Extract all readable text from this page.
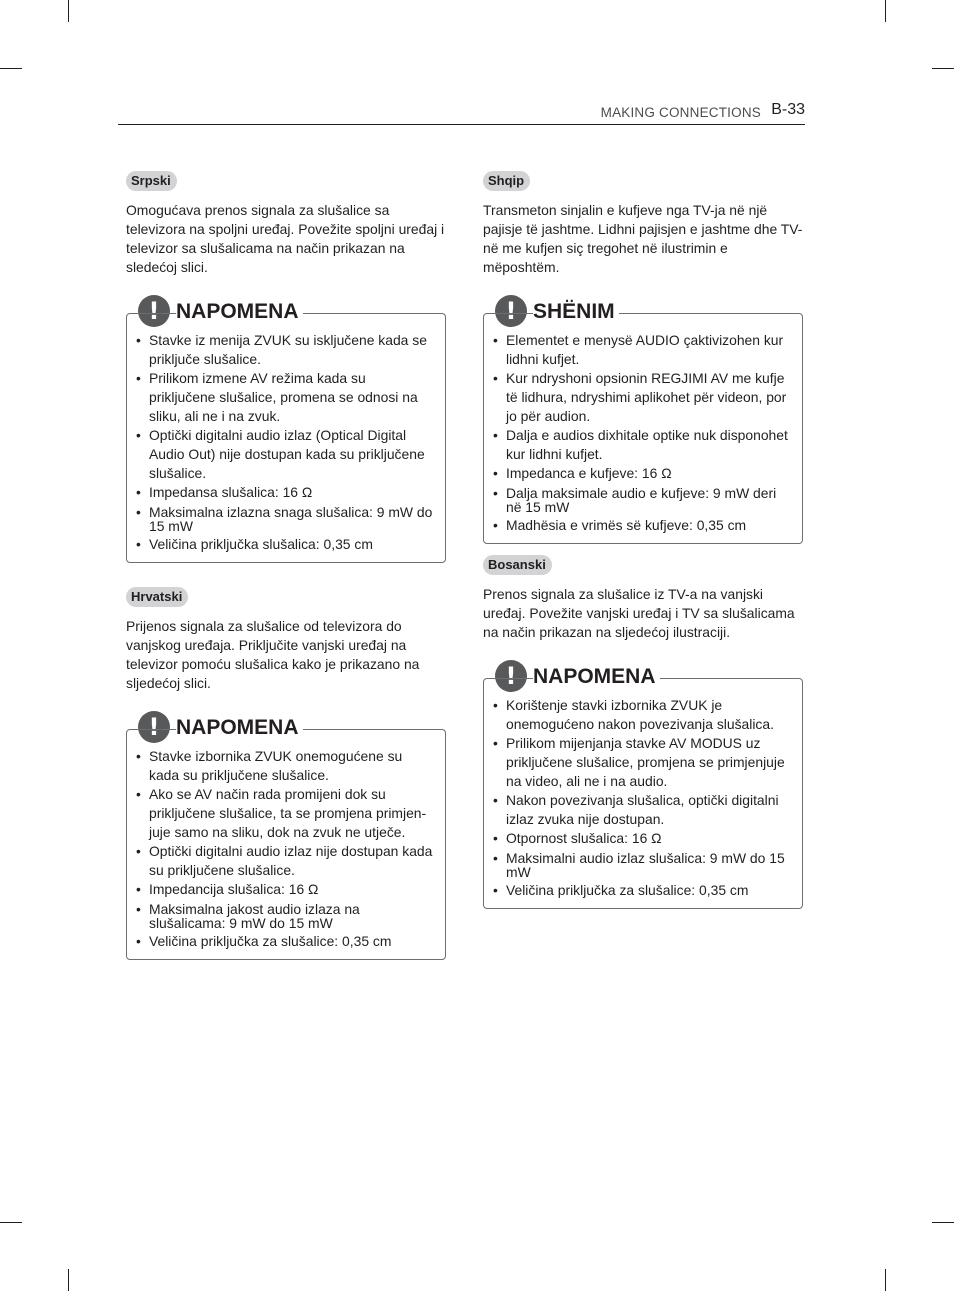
MAKING CONNECTIONS B-33
Srpski

Omogućava prenos signala za slušalice sa televizora na spoljni uređaj. Povežite spoljni uređaj i televizor sa slušalicama na način prikazan na sledećoj slici.

! NAPOMENA
• Stavke iz menija ZVUK su isključene kada se priključe slušalice.
• Prilikom izmene AV režima kada su priključene slušalice, promena se odnosi na sliku, ali ne i na zvuk.
• Optički digitalni audio izlaz (Optical Digital Audio Out) nije dostupan kada su priključene slušalice.
• Impedansa slušalica: 16 Ω
• Maksimalna izlazna snaga slušalica: 9 mW do 15 mW
• Veličina priključka slušalica: 0,35 cm
Hrvatski

Prijenos signala za slušalice od televizora do vanjskog uređaja. Priključite vanjski uređaj na televizor pomoću slušalica kako je prikazano na sljedećoj slici.

! NAPOMENA
• Stavke izbornika ZVUK onemogućene su kada su priključene slušalice.
• Ako se AV način rada promijeni dok su priključene slušalice, ta se promjena primjen-juje samo na sliku, dok na zvuk ne utječe.
• Optički digitalni audio izlaz nije dostupan kada su priključene slušalice.
• Impedancija slušalica: 16 Ω
• Maksimalna jakost audio izlaza na slušalicama: 9 mW do 15 mW
• Veličina priključka za slušalice: 0,35 cm
Shqip

Transmeton sinjalin e kufjeve nga TV-ja në një pajisje të jashtme. Lidhni pajisjen e jashtme dhe TV-në me kufjen siç tregohet në ilustrimin e mëposhtëm.

! SHËNIM
• Elementet e menysë AUDIO çaktivizohen kur lidhni kufjet.
• Kur ndryshoni opsionin REGJIMI AV me kufje të lidhura, ndryshimi aplikohet për videon, por jo për audion.
• Dalja e audios dixhitale optike nuk disponohet kur lidhni kufjet.
• Impedanca e kufjeve: 16 Ω
• Dalja maksimale audio e kufjeve: 9 mW deri në 15 mW
• Madhësia e vrimës së kufjeve: 0,35 cm
Bosanski

Prenos signala za slušalice iz TV-a na vanjski uređaj. Povežite vanjski uređaj i TV sa slušalicama na način prikazan na sljedećoj ilustraciji.

! NAPOMENA
• Korištenje stavki izbornika ZVUK je onemogućeno nakon povezivanja slušalica.
• Prilikom mijenjanja stavke AV MODUS uz priključene slušalice, promjena se primjenjuje na video, ali ne i na audio.
• Nakon povezivanja slušalica, optički digitalni izlaz zvuka nije dostupan.
• Otpornost slušalica: 16 Ω
• Maksimalni audio izlaz slušalica: 9 mW do 15 mW
• Veličina priključka za slušalice: 0,35 cm
